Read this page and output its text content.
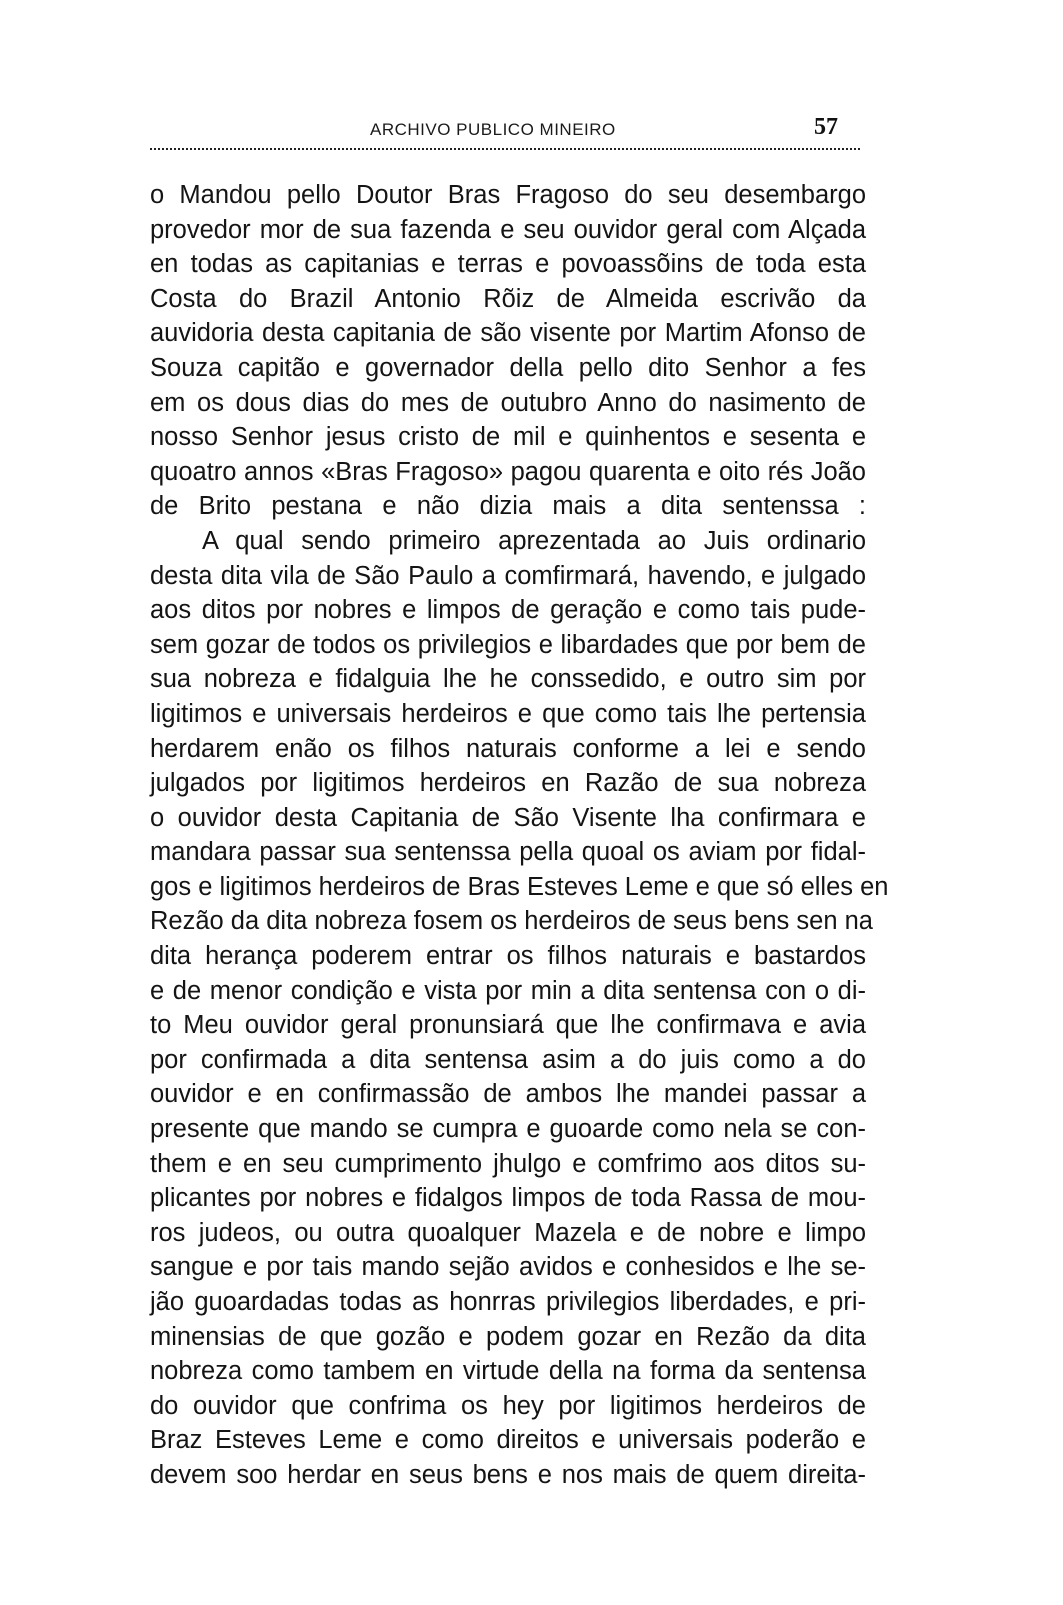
ARCHIVO PUBLICO MINEIRO	57
o Mandou pello Doutor Bras Fragoso do seu desembargo
provedor mor de sua fazenda e seu ouvidor geral com Alçada
en todas as capitanias e terras e povoassõins de toda esta
Costa do Brazil Antonio Rõiz de Almeida escrivão da
auvidoria desta capitania de são visente por Martim Afonso de
Souza capitão e governador della pello dito Senhor a fes
em os dous dias do mes de outubro Anno do nasimento de
nosso Senhor jesus cristo de mil e quinhentos e sesenta e
quoatro annos «Bras Fragoso» pagou quarenta e oito rés João
de Brito pestana e não dizia mais a dita sentenssa :
A qual sendo primeiro aprezentada ao Juis ordinario
desta dita vila de São Paulo a comfirmará, havendo, e julgado
aos ditos por nobres e limpos de geração e como tais pude-
sem gozar de todos os privilegios e libardades que por bem de
sua nobreza e fidalguia lhe he conssedido, e outro sim por
ligitimos e universais herdeiros e que como tais lhe pertensia
herdarem enão os filhos naturais conforme a lei e sendo
julgados por ligitimos herdeiros en Razão de sua nobreza
o ouvidor desta Capitania de São Visente lha confirmara e
mandara passar sua sentenssa pella quoal os aviam por fidal-
gos e ligitimos herdeiros de Bras Esteves Leme e que só elles en
Rezão da dita nobreza fosem os herdeiros de seus bens sen na
dita herança poderem entrar os filhos naturais e bastardos
e de menor condição e vista por min a dita sentensa con o di-
to Meu ouvidor geral pronunsiará que lhe confirmava e avia
por confirmada a dita sentensa asim a do juis como a do
ouvidor e en confirmassão de ambos lhe mandei passar a
presente que mando se cumpra e guoarde como nela se con-
them e en seu cumprimento jhulgo e comfrimo aos ditos su-
plicantes por nobres e fidalgos limpos de toda Rassa de mou-
ros judeos, ou outra quoalquer Mazela e de nobre e limpo
sangue e por tais mando sejão avidos e conhesidos e lhe se-
jão guoardadas todas as honrras privilegios liberdades, e pri-
minensias de que gozão e podem gozar en Rezão da dita
nobreza como tambem en virtude della na forma da sentensa
do ouvidor que confrima os hey por ligitimos herdeiros de
Braz Esteves Leme e como direitos e universais poderão e
devem soo herdar en seus bens e nos mais de quem direita-
